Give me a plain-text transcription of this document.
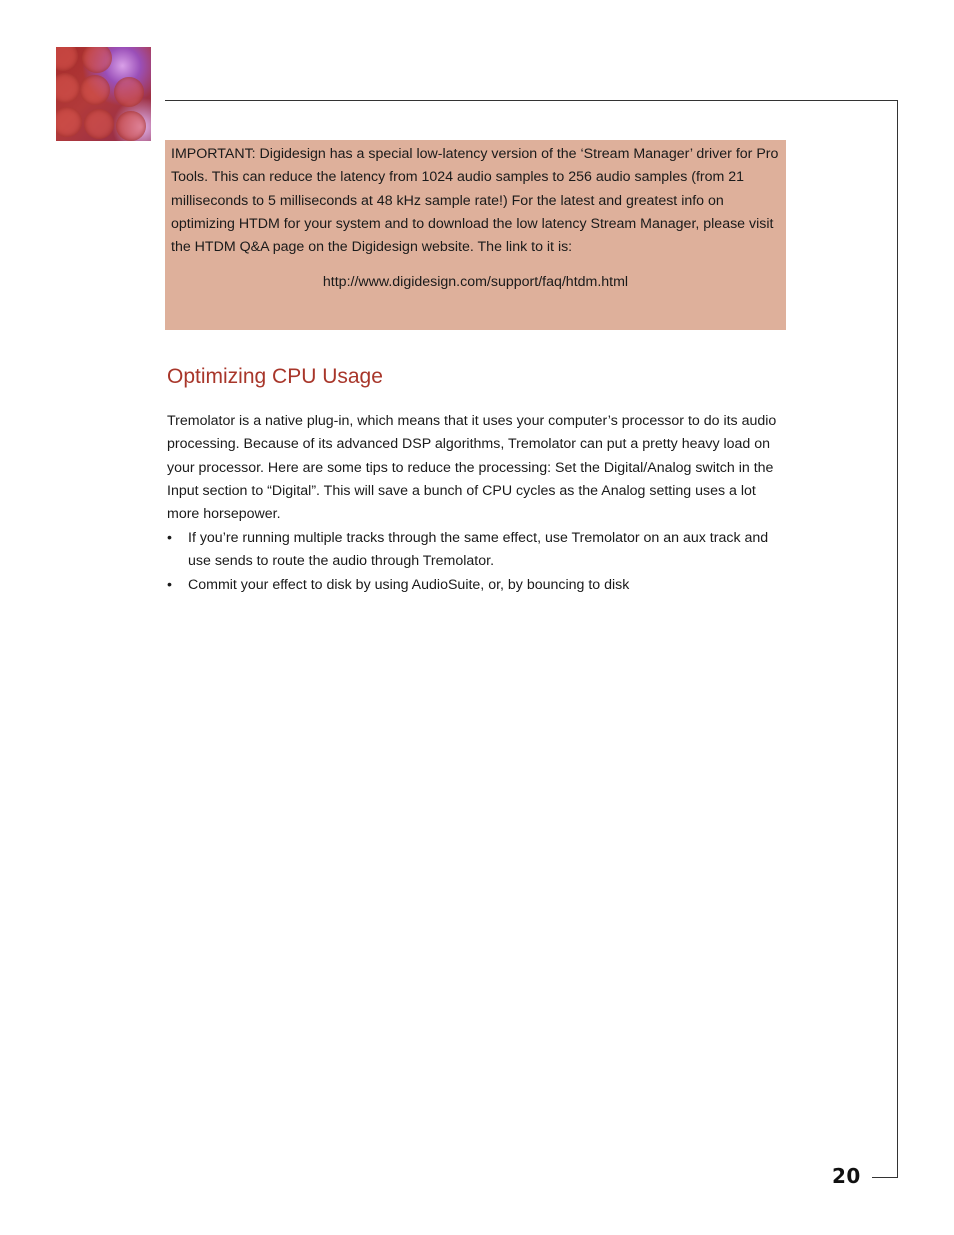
IMPORTANT: Digidesign has a special low-latency version of the ‘Stream Manager’ driver for Pro Tools. This can reduce the latency from 1024 audio samples to 256 audio samples (from 21 milliseconds to 5 milliseconds at 48 kHz sample rate!) For the latest and greatest info on optimizing HTDM for your system and to download the low latency Stream Manager, please visit the HTDM Q&A page on the Digidesign website. The link to it is:

http://www.digidesign.com/support/faq/htdm.html

Optimizing CPU Usage

Tremolator is a native plug-in, which means that it uses your computer’s processor to do its audio processing. Because of its advanced DSP algorithms, Tremolator can put a pretty heavy load on your processor. Here are some tips to reduce the processing: Set the Digital/Analog switch in the Input section to “Digital”. This will save a bunch of CPU cycles as the Analog setting uses a lot more horsepower.

• If you’re running multiple tracks through the same effect, use Tremolator on an aux track and use sends to route the audio through Tremolator.
• Commit your effect to disk by using AudioSuite, or, by bouncing to disk
20
